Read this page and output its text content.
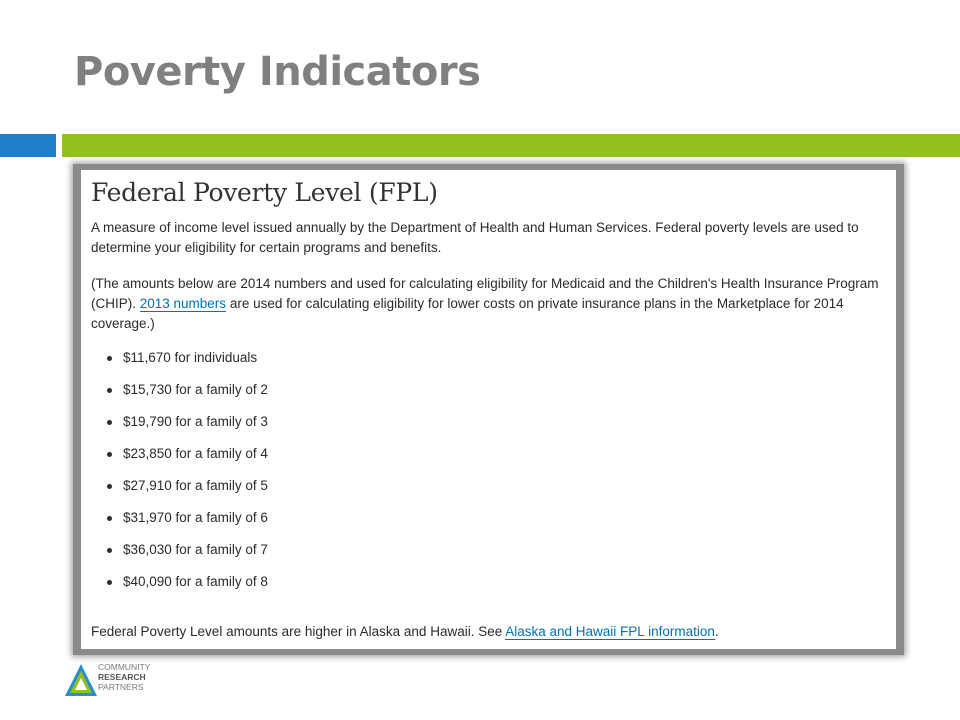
Poverty Indicators
Federal Poverty Level (FPL)

A measure of income level issued annually by the Department of Health and Human Services. Federal poverty levels are used to determine your eligibility for certain programs and benefits.

(The amounts below are 2014 numbers and used for calculating eligibility for Medicaid and the Children's Health Insurance Program (CHIP). 2013 numbers are used for calculating eligibility for lower costs on private insurance plans in the Marketplace for 2014 coverage.)

$11,670 for individuals
$15,730 for a family of 2
$19,790 for a family of 3
$23,850 for a family of 4
$27,910 for a family of 5
$31,970 for a family of 6
$36,030 for a family of 7
$40,090 for a family of 8

Federal Poverty Level amounts are higher in Alaska and Hawaii. See Alaska and Hawaii FPL information.

COMMUNITY
RESEARCH
PARTNERS
